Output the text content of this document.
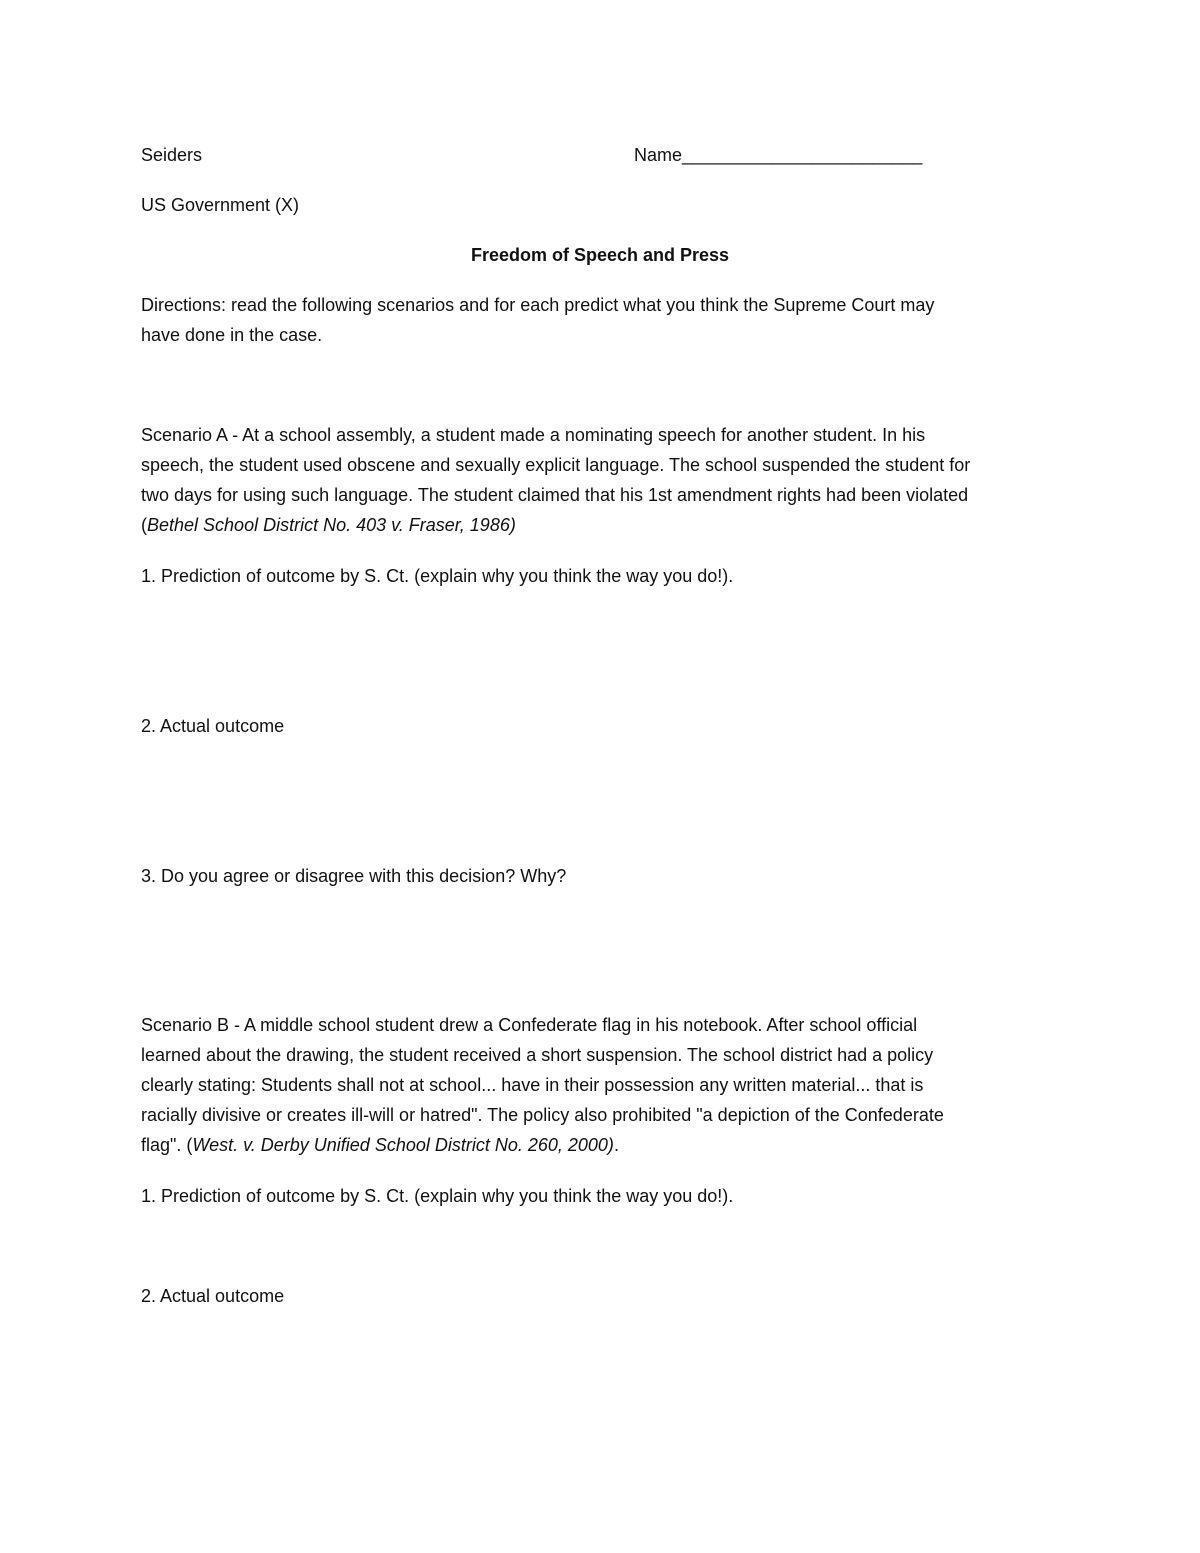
Seiders	Name________________________
US Government (X)
Freedom of Speech and Press
Directions: read the following scenarios and for each predict what you think the Supreme Court may
have done in the case.
Scenario A - At a school assembly, a student made a nominating speech for another student. In his
speech, the student used obscene and sexually explicit language. The school suspended the student for
two days for using such language. The student claimed that his 1st amendment rights had been violated
(Bethel School District No. 403 v. Fraser, 1986)
1. Prediction of outcome by S. Ct. (explain why you think the way you do!).
2. Actual outcome
3. Do you agree or disagree with this decision? Why?
Scenario B - A middle school student drew a Confederate flag in his notebook. After school official
learned about the drawing, the student received a short suspension. The school district had a policy
clearly stating: Students shall not at school... have in their possession any written material... that is
racially divisive or creates ill-will or hatred". The policy also prohibited "a depiction of the Confederate
flag". (West. v. Derby Unified School District No. 260, 2000).
1. Prediction of outcome by S. Ct. (explain why you think the way you do!).
2. Actual outcome
